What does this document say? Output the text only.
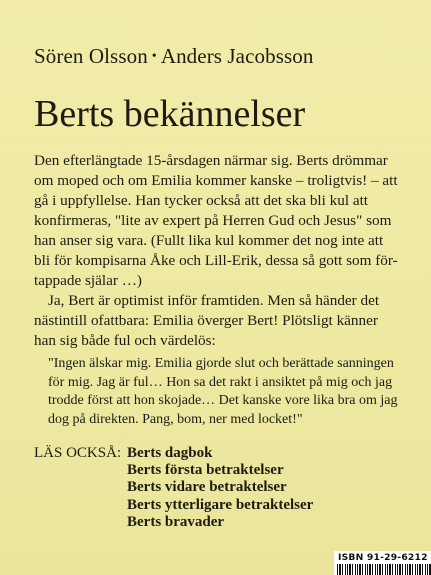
Sören Olsson • Anders Jacobsson
Berts bekännelser
Den efterlängtade 15-årsdagen närmar sig. Berts drömmar
om moped och om Emilia kommer kanske – troligtvis! – att
gå i uppfyllelse. Han tycker också att det ska bli kul att
konfirmeras, "lite av expert på Herren Gud och Jesus" som
han anser sig vara. (Fullt lika kul kommer det nog inte att
bli för kompisarna Åke och Lill-Erik, dessa så gott som för-
tappade själar …)
Ja, Bert är optimist inför framtiden. Men så händer det
nästintill ofattbara: Emilia överger Bert! Plötsligt känner
han sig både ful och värdelös:
"Ingen älskar mig. Emilia gjorde slut och berättade sanningen
för mig. Jag är ful… Hon sa det rakt i ansiktet på mig och jag
trodde först att hon skojade… Det kanske vore lika bra om jag
dog på direkten. Pang, bom, ner med locket!"
LÄS OCKSÅ: Berts dagbok
Berts första betraktelser
Berts vidare betraktelser
Berts ytterligare betraktelser
Berts bravader
ISBN 91-29-6212
